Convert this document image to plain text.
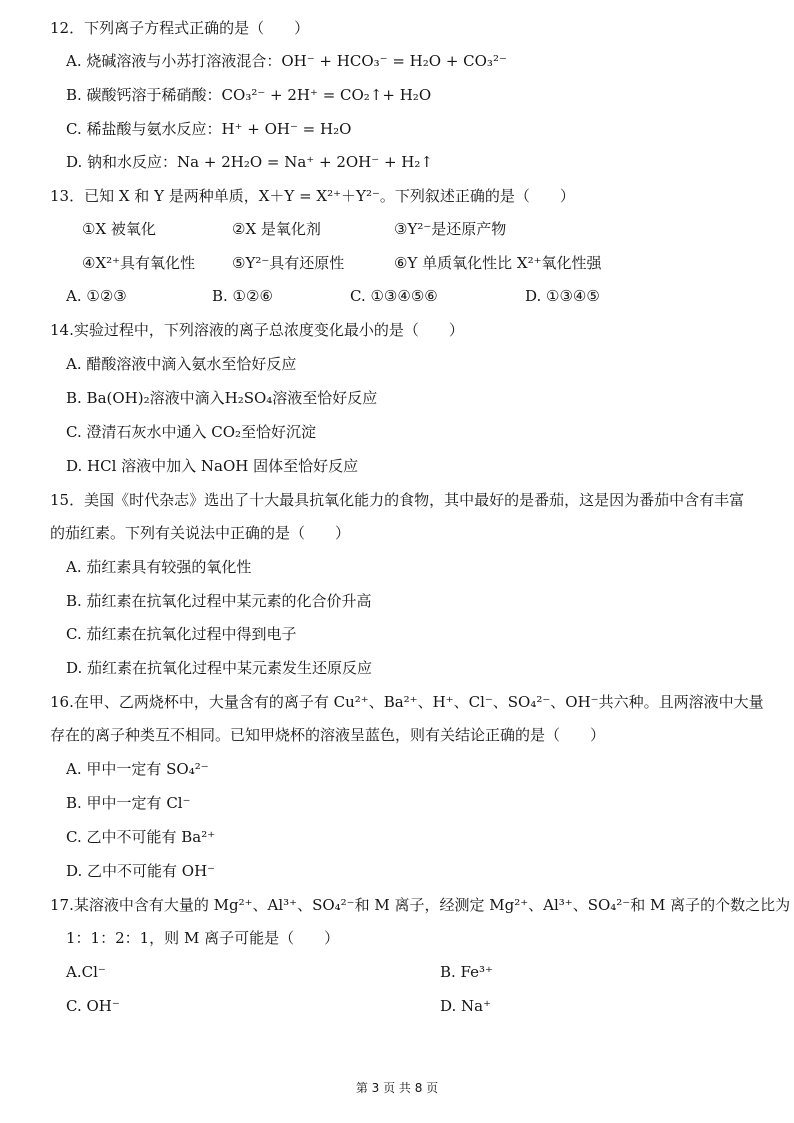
12．下列离子方程式正确的是（　　）
A. 烧碱溶液与小苏打溶液混合：OH⁻ + HCO₃⁻ = H₂O + CO₃²⁻
B. 碳酸钙溶于稀硝酸：CO₃²⁻ + 2H⁺ = CO₂↑+ H₂O
C. 稀盐酸与氨水反应：H⁺ + OH⁻ = H₂O
D. 钠和水反应：Na + 2H₂O = Na⁺ + 2OH⁻ + H₂↑
13．已知 X 和 Y 是两种单质，X＋Y = X²⁺＋Y²⁻。下列叙述正确的是（　　）
①X 被氧化	②X 是氧化剂	③Y²⁻是还原产物
④X²⁺具有氧化性 ⑤Y²⁻具有还原性	⑥Y 单质氧化性比 X²⁺氧化性强
A. ①②③	B. ①②⑥	C. ①③④⑤⑥	D. ①③④⑤
14.实验过程中，下列溶液的离子总浓度变化最小的是（　　）
A. 醋酸溶液中滴入氨水至恰好反应
B. Ba(OH)₂溶液中滴入H₂SO₄溶液至恰好反应
C. 澄清石灰水中通入 CO₂至恰好沉淀
D. HCl 溶液中加入 NaOH 固体至恰好反应
15．美国《时代杂志》选出了十大最具抗氧化能力的食物，其中最好的是番茄，这是因为番茄中含有丰富
的茄红素。下列有关说法中正确的是（　　）
A. 茄红素具有较强的氧化性
B. 茄红素在抗氧化过程中某元素的化合价升高
C. 茄红素在抗氧化过程中得到电子
D. 茄红素在抗氧化过程中某元素发生还原反应
16.在甲、乙两烧杯中，大量含有的离子有 Cu²⁺、Ba²⁺、H⁺、Cl⁻、SO₄²⁻、OH⁻共六种。且两溶液中大量
存在的离子种类互不相同。已知甲烧杯的溶液呈蓝色，则有关结论正确的是（　　）
A. 甲中一定有 SO₄²⁻
B. 甲中一定有 Cl⁻
C. 乙中不可能有 Ba²⁺
D. 乙中不可能有 OH⁻
17.某溶液中含有大量的 Mg²⁺、Al³⁺、SO₄²⁻和 M 离子，经测定 Mg²⁺、Al³⁺、SO₄²⁻和 M 离子的个数之比为
1：1：2：1，则 M 离子可能是（　　）
A.Cl⁻	B. Fe³⁺
C. OH⁻	D. Na⁺
第 3 页 共 8 页
